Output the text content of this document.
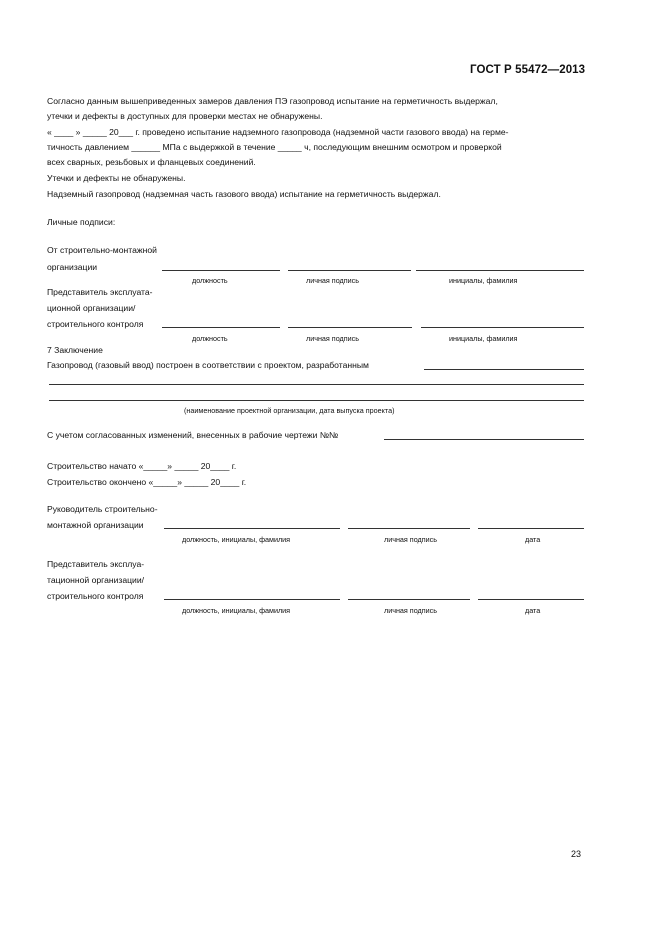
ГОСТ Р 55472—2013
Согласно данным вышеприведенных замеров давления ПЭ газопровод испытание на герметичность выдержал,
утечки и дефекты в доступных для проверки местах не обнаружены.
« ____ » _____ 20___ г. проведено испытание надземного газопровода (надземной части газового ввода) на герме-
тичность давлением ______ МПа с выдержкой в течение _____ ч, последующим внешним осмотром и проверкой
всех сварных, резьбовых и фланцевых соединений.
Утечки и дефекты не обнаружены.
Надземный газопровод (надземная часть газового ввода) испытание на герметичность выдержал.
Личные подписи:
От строительно-монтажной
организации
должность	личная подпись	инициалы, фамилия
Представитель эксплуата-
ционной организации/
строительного контроля
должность	личная подпись	инициалы, фамилия
7 Заключение
Газопровод (газовый ввод) построен в соответствии с проектом, разработанным
(наименование проектной организации, дата выпуска проекта)
С учетом согласованных изменений, внесенных в рабочие чертежи №№
Строительство начато «_____» _____ 20____ г.
Строительство окончено «_____» _____ 20____ г.
Руководитель строительно-
монтажной организации
должность, инициалы, фамилия	личная подпись	дата
Представитель эксплуа-
тационной организации/
строительного контроля
должность, инициалы, фамилия	личная подпись	дата
23
